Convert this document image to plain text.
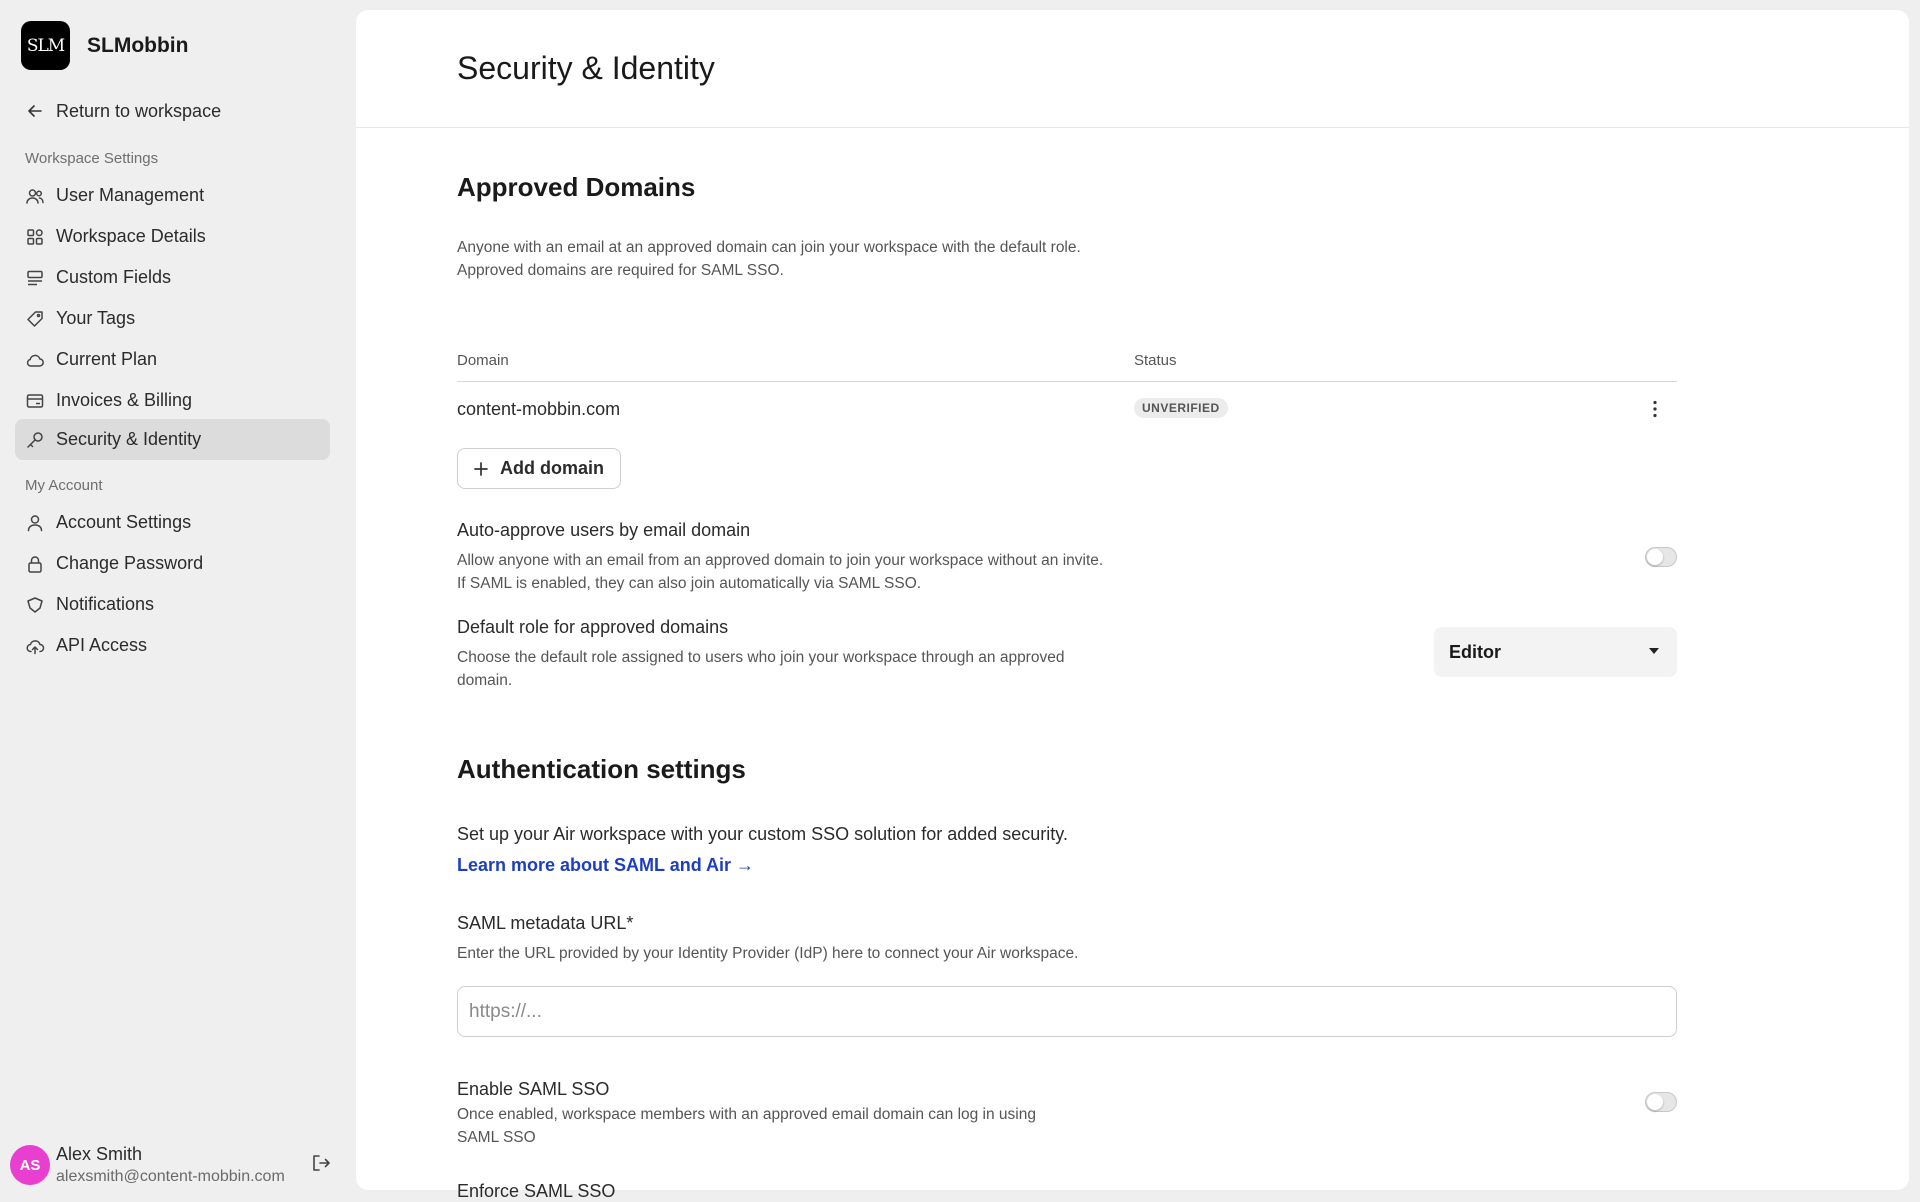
SLM SLMobbin
Return to workspace
Workspace Settings
User Management
Workspace Details
Custom Fields
Your Tags
Current Plan
Invoices & Billing
Security & Identity
My Account
Account Settings
Change Password
Notifications
API Access
AS
Alex Smith
alexsmith@content-mobbin.com
Security & Identity
Approved Domains

Anyone with an email at an approved domain can join your workspace with the default role. Approved domains are required for SAML SSO.

Domain	Status
content-mobbin.com	UNVERIFIED
Add domain
Auto-approve users by email domain

Allow anyone with an email from an approved domain to join your workspace without an invite. If SAML is enabled, they can also join automatically via SAML SSO.

Default role for approved domains

Choose the default role assigned to users who join your workspace through an approved domain.

Editor
Authentication settings

Set up your Air workspace with your custom SSO solution for added security.

Learn more about SAML and Air →
SAML metadata URL*

Enter the URL provided by your Identity Provider (IdP) here to connect your Air workspace.

https://...
Enable SAML SSO

Once enabled, workspace members with an approved email domain can log in using SAML SSO

Enforce SAML SSO
